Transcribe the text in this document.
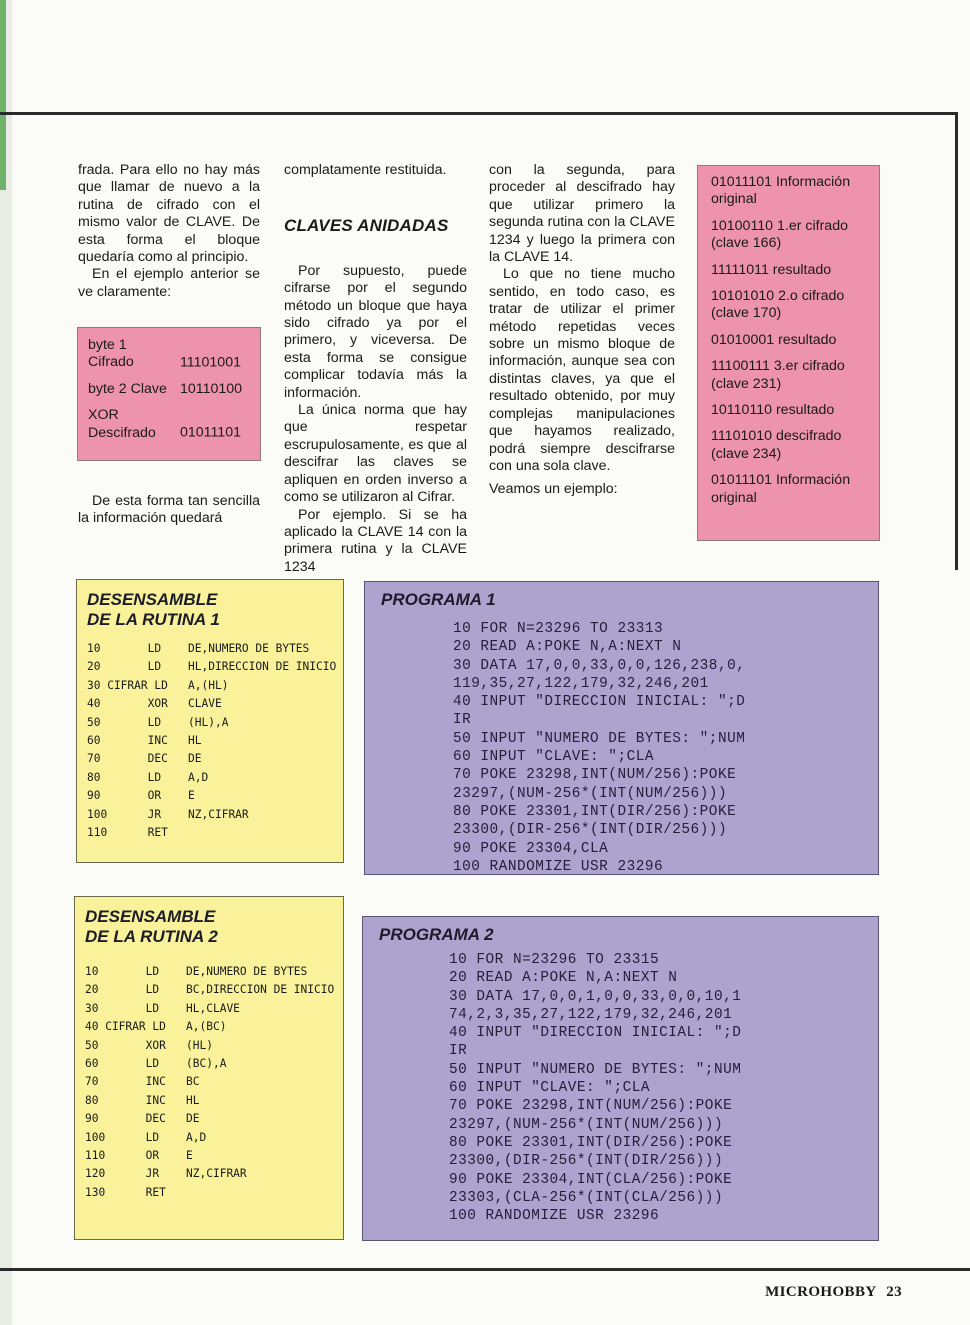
frada. Para ello no hay más que llamar de nuevo a la rutina de cifrado con el mismo valor de CLAVE. De esta forma el bloque quedaría como al principio.

En el ejemplo anterior se ve claramente:

byte 1 Cifrado	11101001
byte 2 Clave 10110100
XOR Descifrado 01011101

De esta forma tan sencilla la información quedará

complatamente restituida.

CLAVES ANIDADAS

Por supuesto, puede cifrarse por el segundo método un bloque que haya sido cifrado ya por el primero, y viceversa. De esta forma se consigue complicar todavía más la información.

La única norma que hay que respetar escrupulosamente, es que al descifrar las claves se apliquen en orden inverso a como se utilizaron al Cifrar.

Por ejemplo. Si se ha aplicado la CLAVE 14 con la primera rutina y la CLAVE 1234

con la segunda, para proceder al descifrado hay que utilizar primero la segunda rutina con la CLAVE 1234 y luego la primera con la CLAVE 14.

Lo que no tiene mucho sentido, en todo caso, es tratar de utilizar el primer método repetidas veces sobre un mismo bloque de información, aunque sea con distintas claves, ya que el resultado obtenido, por muy complejas manipulaciones que hayamos realizado, podrá siempre descifrarse con una sola clave.

Veamos un ejemplo:

01011101 Información original
10100110 1.er cifrado (clave 166)
11111011 resultado
10101010 2.o cifrado (clave 170)
01010001 resultado
11100111 3.er cifrado (clave 231)
10110110 resultado
11101010 descifrado (clave 234)
01011101 Información original
DESENSAMBLE DE LA RUTINA 1
10       LD    DE,NUMERO DE BYTES
20       LD    HL,DIRECCION DE INICIO
30 CIFRAR LD   A,(HL)
40       XOR   CLAVE
50       LD    (HL),A
60       INC   HL
70       DEC   DE
80       LD    A,D
90       OR    E
100      JR    NZ,CIFRAR
110      RET
PROGRAMA 1
10 FOR N=23296 TO 23313
20 READ A:POKE N,A:NEXT N
30 DATA 17,0,0,33,0,0,126,238,0,
119,35,27,122,179,32,246,201
40 INPUT "DIRECCION INICIAL: ";D
IR
50 INPUT "NUMERO DE BYTES: ";NUM
60 INPUT "CLAVE: ";CLA
70 POKE 23298,INT(NUM/256):POKE
23297,(NUM-256*(INT(NUM/256)))
80 POKE 23301,INT(DIR/256):POKE
23300,(DIR-256*(INT(DIR/256)))
90 POKE 23304,CLA
100 RANDOMIZE USR 23296
DESENSAMBLE DE LA RUTINA 2
10       LD    DE,NUMERO DE BYTES
20       LD    BC,DIRECCION DE INICIO
30       LD    HL,CLAVE
40 CIFRAR LD   A,(BC)
50       XOR   (HL)
60       LD    (BC),A
70       INC   BC
80       INC   HL
90       DEC   DE
100      LD    A,D
110      OR    E
120      JR    NZ,CIFRAR
130      RET
PROGRAMA 2
10 FOR N=23296 TO 23315
20 READ A:POKE N,A:NEXT N
30 DATA 17,0,0,1,0,0,33,0,0,10,1
74,2,3,35,27,122,179,32,246,201
40 INPUT "DIRECCION INICIAL: ";D
IR
50 INPUT "NUMERO DE BYTES: ";NUM
60 INPUT "CLAVE: ";CLA
70 POKE 23298,INT(NUM/256):POKE
23297,(NUM-256*(INT(NUM/256)))
80 POKE 23301,INT(DIR/256):POKE
23300,(DIR-256*(INT(DIR/256)))
90 POKE 23304,INT(CLA/256):POKE
23303,(CLA-256*(INT(CLA/256)))
100 RANDOMIZE USR 23296
MICROHOBBY 23
